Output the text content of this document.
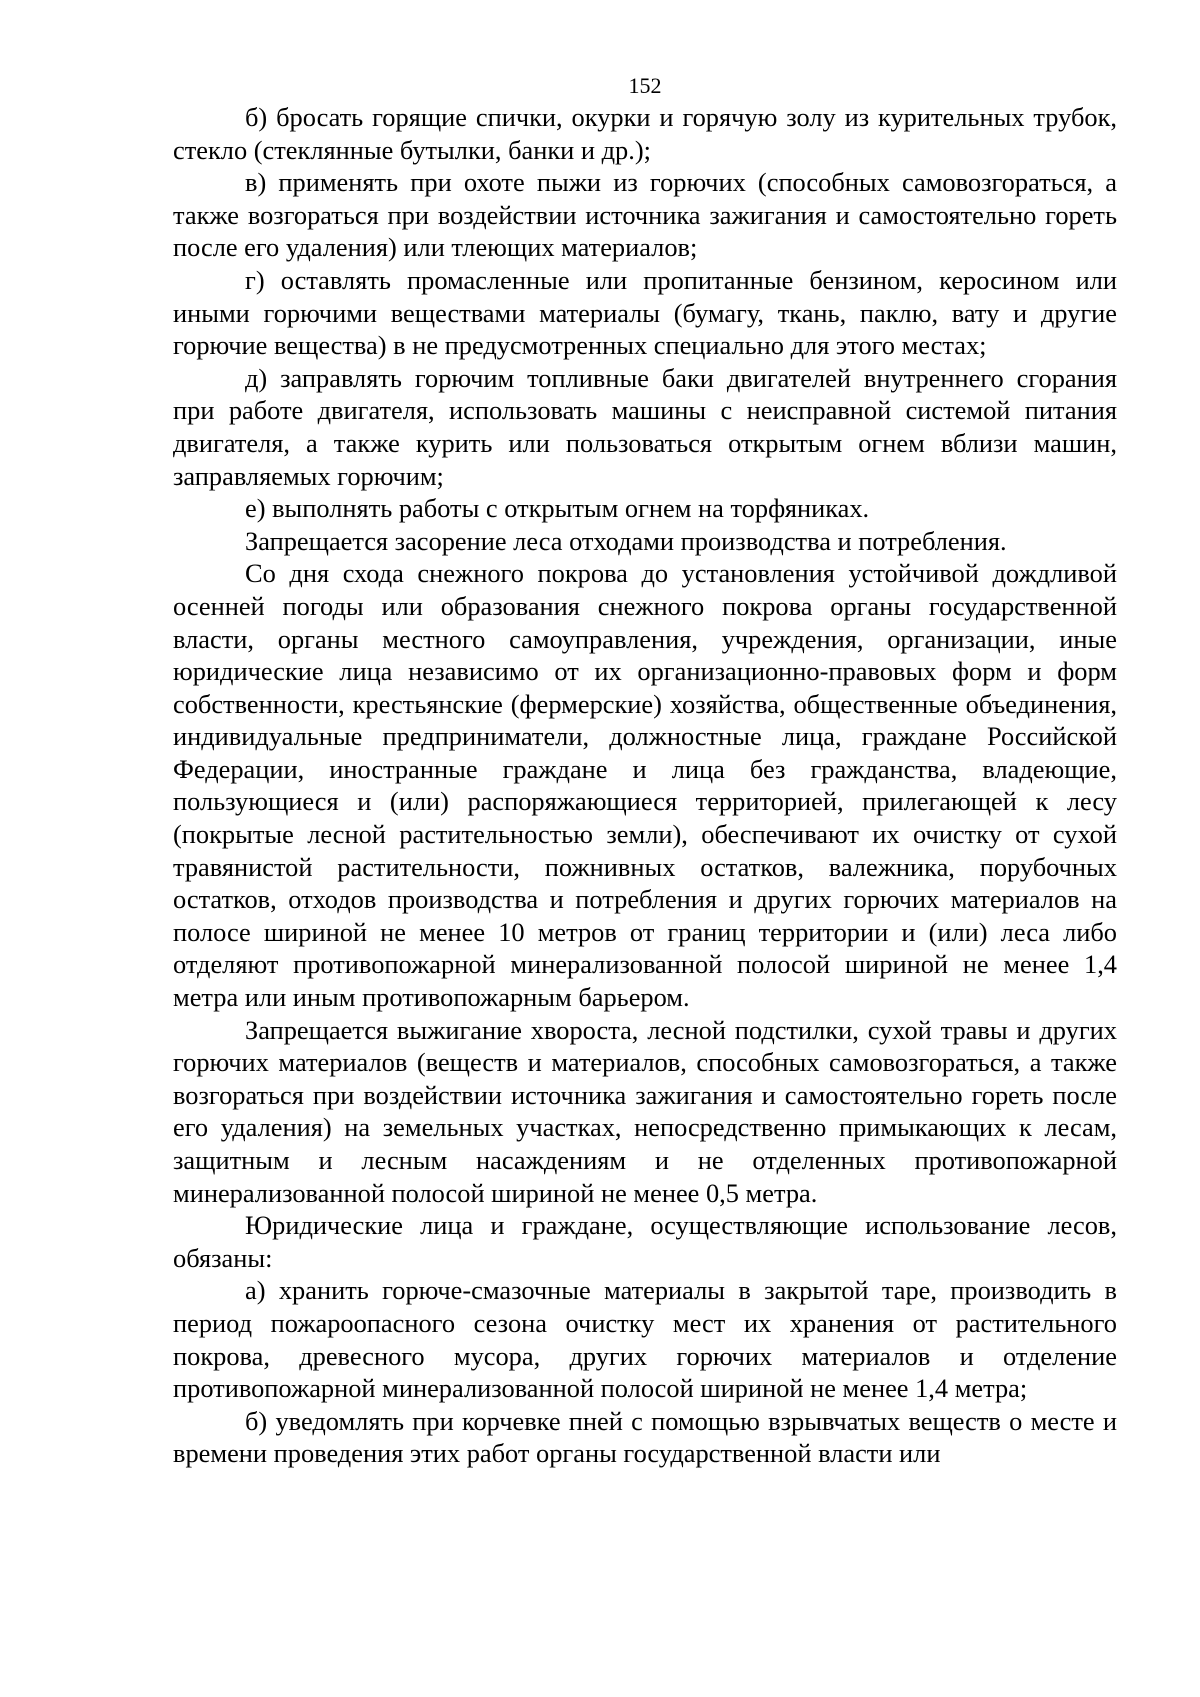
152

б) бросать горящие спички, окурки и горячую золу из курительных трубок, стекло (стеклянные бутылки, банки и др.);

в) применять при охоте пыжи из горючих (способных самовозгораться, а также возгораться при воздействии источника зажигания и самостоятельно гореть после его удаления) или тлеющих материалов;

г) оставлять промасленные или пропитанные бензином, керосином или иными горючими веществами материалы (бумагу, ткань, паклю, вату и другие горючие вещества) в не предусмотренных специально для этого местах;

д) заправлять горючим топливные баки двигателей внутреннего сгорания при работе двигателя, использовать машины с неисправной системой питания двигателя, а также курить или пользоваться открытым огнем вблизи машин, заправляемых горючим;

е) выполнять работы с открытым огнем на торфяниках.

Запрещается засорение леса отходами производства и потребления.

Со дня схода снежного покрова до установления устойчивой дождливой осенней погоды или образования снежного покрова органы государственной власти, органы местного самоуправления, учреждения, организации, иные юридические лица независимо от их организационно-правовых форм и форм собственности, крестьянские (фермерские) хозяйства, общественные объединения, индивидуальные предприниматели, должностные лица, граждане Российской Федерации, иностранные граждане и лица без гражданства, владеющие, пользующиеся и (или) распоряжающиеся территорией, прилегающей к лесу (покрытые лесной растительностью земли), обеспечивают их очистку от сухой травянистой растительности, пожнивных остатков, валежника, порубочных остатков, отходов производства и потребления и других горючих материалов на полосе шириной не менее 10 метров от границ территории и (или) леса либо отделяют противопожарной минерализованной полосой шириной не менее 1,4 метра или иным противопожарным барьером.

Запрещается выжигание хвороста, лесной подстилки, сухой травы и других горючих материалов (веществ и материалов, способных самовозгораться, а также возгораться при воздействии источника зажигания и самостоятельно гореть после его удаления) на земельных участках, непосредственно примыкающих к лесам, защитным и лесным насаждениям и не отделенных противопожарной минерализованной полосой шириной не менее 0,5 метра.

Юридические лица и граждане, осуществляющие использование лесов, обязаны:

а) хранить горюче-смазочные материалы в закрытой таре, производить в период пожароопасного сезона очистку мест их хранения от растительного покрова, древесного мусора, других горючих материалов и отделение противопожарной минерализованной полосой шириной не менее 1,4 метра;

б) уведомлять при корчевке пней с помощью взрывчатых веществ о месте и времени проведения этих работ органы государственной власти или
